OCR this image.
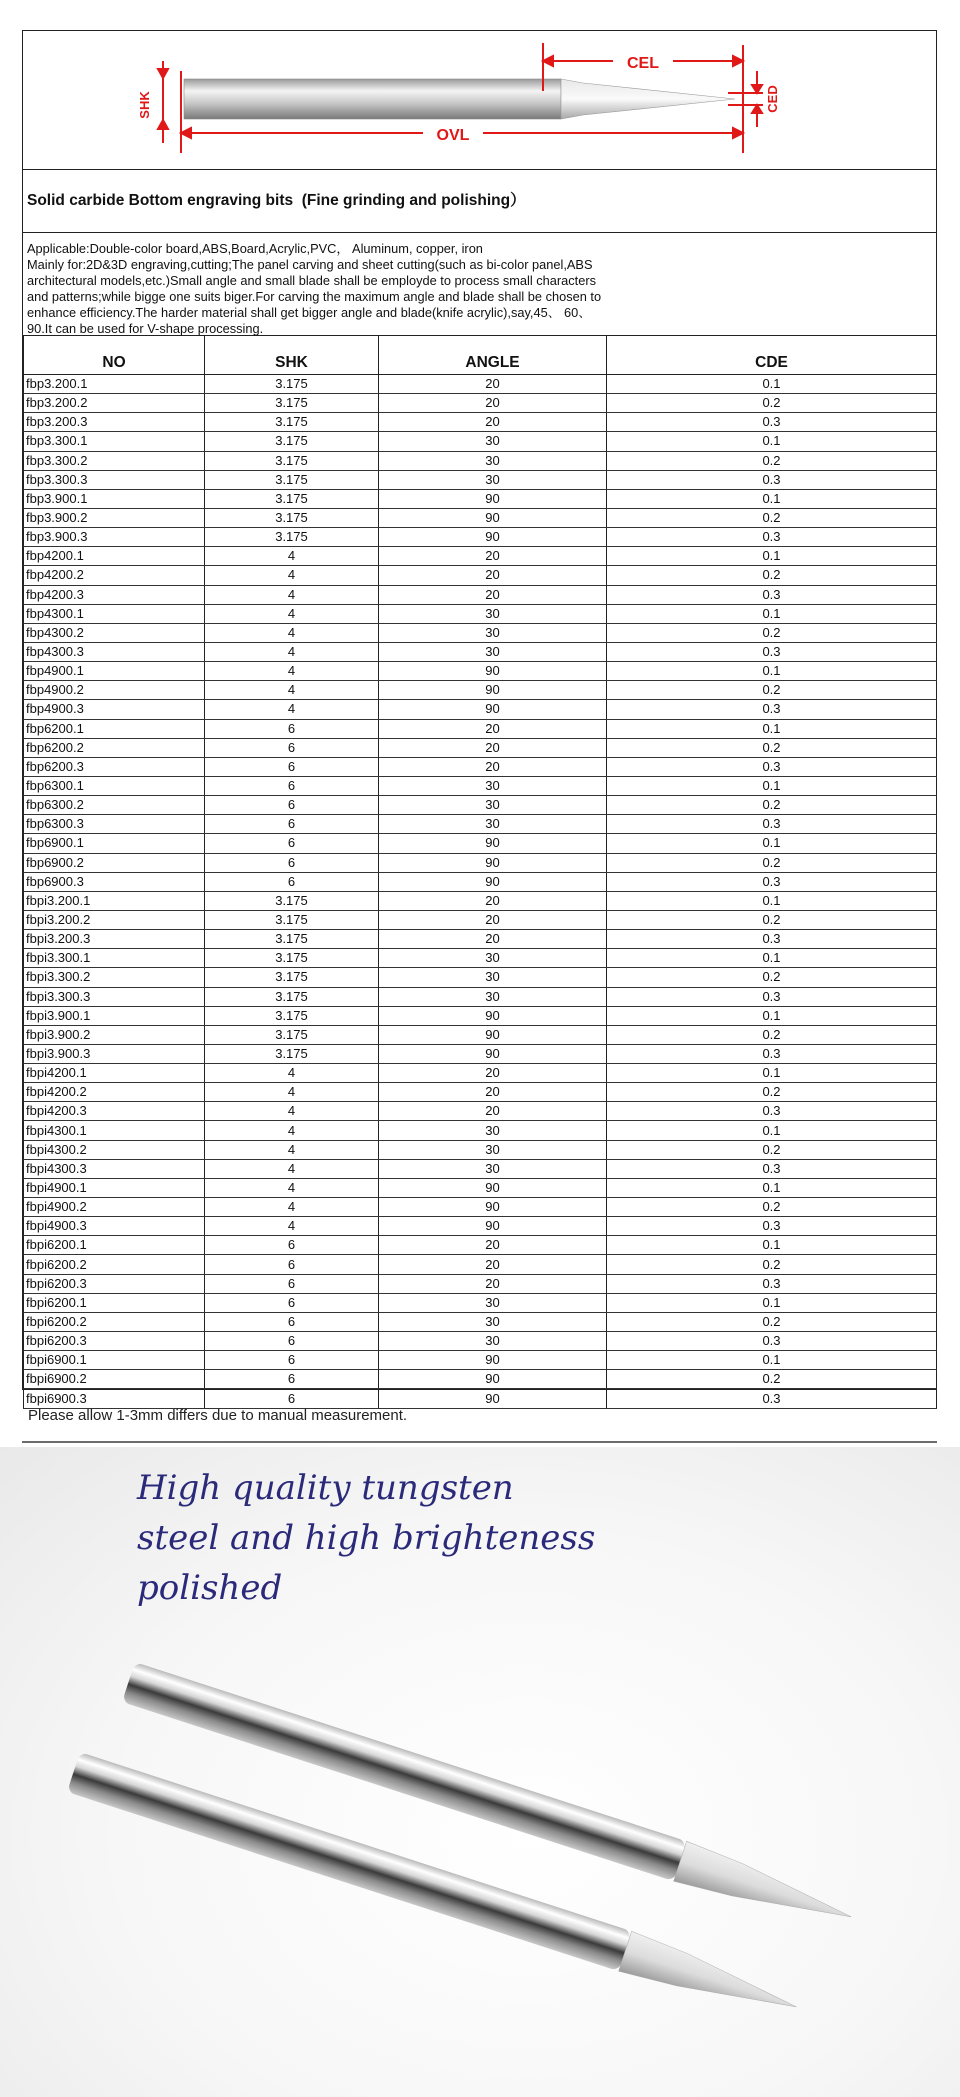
SHK
CEL
OVL
CED
Solid carbide Bottom engraving bits  (Fine grinding and polishing）

Applicable:Double-color board,ABS,Board,Acrylic,PVC， Aluminum, copper, iron

Mainly for:2D&3D engraving,cutting;The panel carving and sheet cutting(such as bi-color panel,ABS

architectural models,etc.)Small angle and small blade shall be employde to process small characters

and patterns;while bigge one suits biger.For carving the maximum angle and blade shall be chosen to

enhance efficiency.The harder material shall get bigger angle and blade(knife acrylic),say,45、 60、

90.It can be used for V-shape processing.

NO	SHK	ANGLE	CDE
fbp3.200.1	3.175	20	0.1
fbp3.200.2	3.175	20	0.2
fbp3.200.3	3.175	20	0.3
fbp3.300.1	3.175	30	0.1
fbp3.300.2	3.175	30	0.2
fbp3.300.3	3.175	30	0.3
fbp3.900.1	3.175	90	0.1
fbp3.900.2	3.175	90	0.2
fbp3.900.3	3.175	90	0.3
fbp4200.1	4	20	0.1
fbp4200.2	4	20	0.2
fbp4200.3	4	20	0.3
fbp4300.1	4	30	0.1
fbp4300.2	4	30	0.2
fbp4300.3	4	30	0.3
fbp4900.1	4	90	0.1
fbp4900.2	4	90	0.2
fbp4900.3	4	90	0.3
fbp6200.1	6	20	0.1
fbp6200.2	6	20	0.2
fbp6200.3	6	20	0.3
fbp6300.1	6	30	0.1
fbp6300.2	6	30	0.2
fbp6300.3	6	30	0.3
fbp6900.1	6	90	0.1
fbp6900.2	6	90	0.2
fbp6900.3	6	90	0.3
fbpi3.200.1	3.175	20	0.1
fbpi3.200.2	3.175	20	0.2
fbpi3.200.3	3.175	20	0.3
fbpi3.300.1	3.175	30	0.1
fbpi3.300.2	3.175	30	0.2
fbpi3.300.3	3.175	30	0.3
fbpi3.900.1	3.175	90	0.1
fbpi3.900.2	3.175	90	0.2
fbpi3.900.3	3.175	90	0.3
fbpi4200.1	4	20	0.1
fbpi4200.2	4	20	0.2
fbpi4200.3	4	20	0.3
fbpi4300.1	4	30	0.1
fbpi4300.2	4	30	0.2
fbpi4300.3	4	30	0.3
fbpi4900.1	4	90	0.1
fbpi4900.2	4	90	0.2
fbpi4900.3	4	90	0.3
fbpi6200.1	6	20	0.1
fbpi6200.2	6	20	0.2
fbpi6200.3	6	20	0.3
fbpi6200.1	6	30	0.1
fbpi6200.2	6	30	0.2
fbpi6200.3	6	30	0.3
fbpi6900.1	6	90	0.1
fbpi6900.2	6	90	0.2
fbpi6900.3	6	90	0.3
Please allow 1-3mm differs due to manual measurement.
High quality tungsten
steel and high brighteness
polished
